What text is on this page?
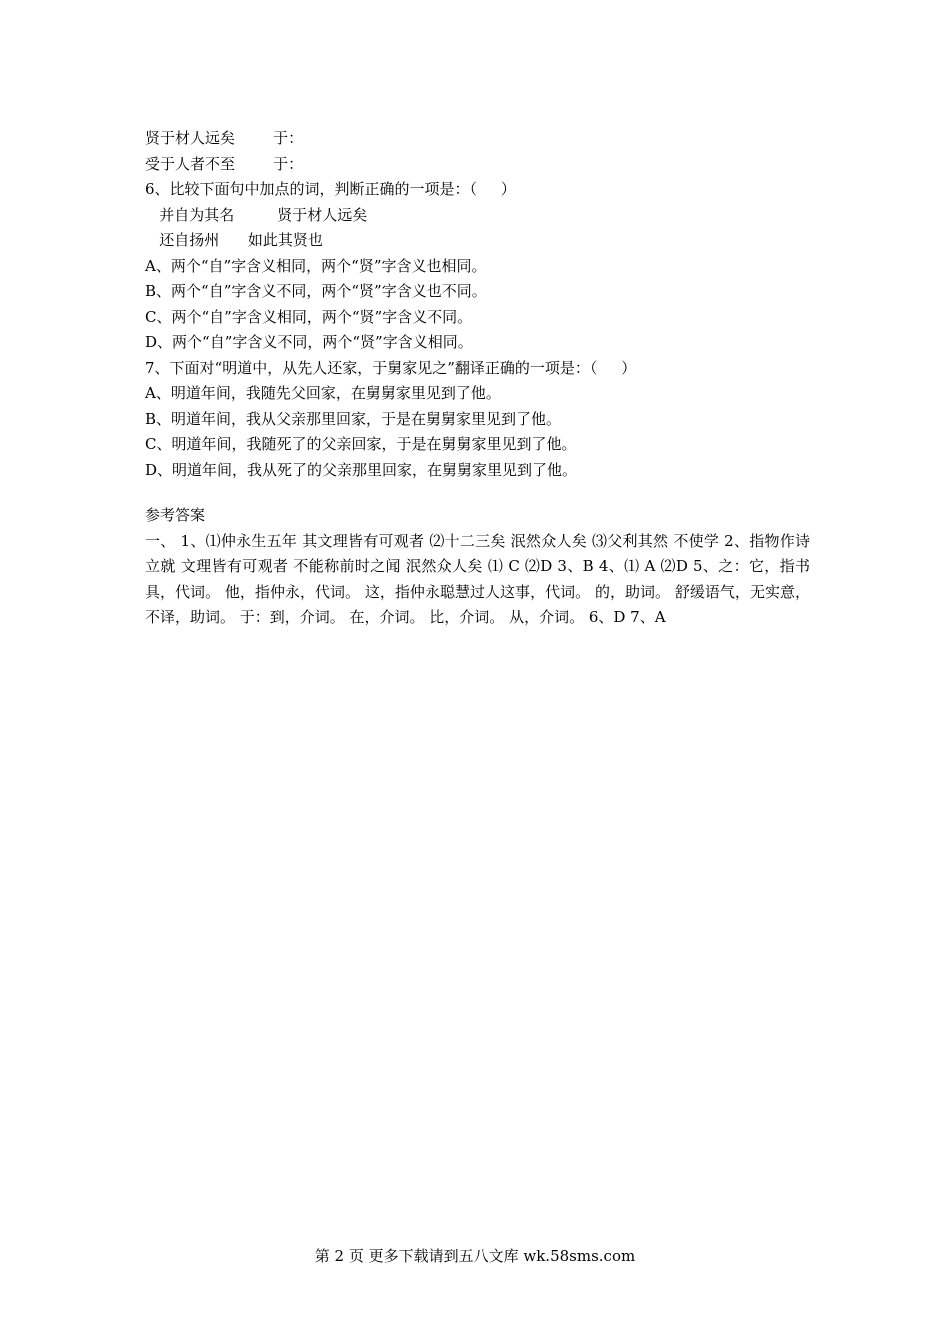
贤于材人远矣        于：
受于人者不至        于：
6、比较下面句中加点的词，判断正确的一项是：（     ）
并自为其名         贤于材人远矣
还自扬州      如此其贤也
A、两个“自”字含义相同，两个“贤”字含义也相同。
B、两个“自”字含义不同，两个“贤”字含义也不同。
C、两个“自”字含义相同，两个“贤”字含义不同。
D、两个“自”字含义不同，两个“贤”字含义相同。
7、下面对“明道中，从先人还家，于舅家见之”翻译正确的一项是：（     ）
A、明道年间，我随先父回家，在舅舅家里见到了他。
B、明道年间，我从父亲那里回家，于是在舅舅家里见到了他。
C、明道年间，我随死了的父亲回家，于是在舅舅家里见到了他。
D、明道年间，我从死了的父亲那里回家，在舅舅家里见到了他。
参考答案
一、 1、⑴仲永生五年 其文理皆有可观者 ⑵十二三矣 泯然众人矣 ⑶父利其然 不使学 2、指物作诗立就 文理皆有可观者 不能称前时之闻 泯然众人矣 ⑴ C ⑵D 3、B 4、⑴ A ⑵D 5、之：它，指书具，代词。 他，指仲永，代词。 这，指仲永聪慧过人这事，代词。 的，助词。 舒缓语气，无实意，不译，助词。 于：到，介词。 在，介词。 比，介词。 从，介词。 6、D 7、A
第 2 页 更多下载请到五八文库 wk.58sms.com
